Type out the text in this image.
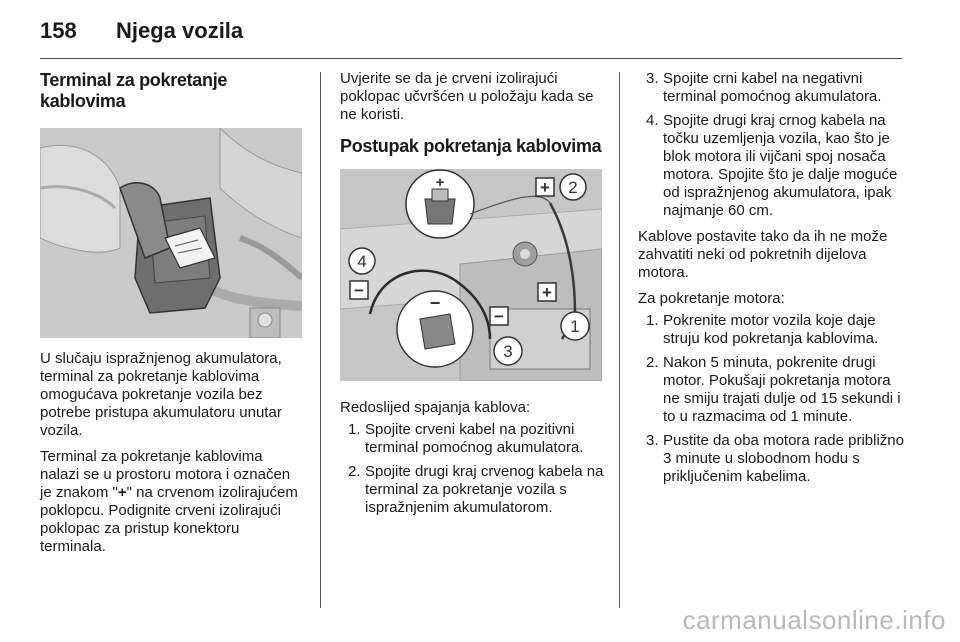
158	Njega vozila
Terminal za pokretanje kablovima

U slučaju ispražnjenog akumulatora, terminal za pokretanje kablovima omogućava pokretanje vozila bez potrebe pristupa akumulatoru unutar vozila.

Terminal za pokretanje kablovima nalazi se u prostoru motora i označen je znakom "+" na crvenom izolirajućem poklopcu. Podignite crveni izolirajući poklopac za pristup konektoru terminala.

Uvjerite se da je crveni izolirajući poklopac učvršćen u položaju kada se ne koristi.

Postupak pokretanja kablovima
−
4
+ 2
+
−
1
3
+
−

Redoslijed spajanja kablova:

1. Spojite crveni kabel na pozitivni terminal pomoćnog akumulatora.
2. Spojite drugi kraj crvenog kabela na terminal za pokretanje vozila s ispražnjenim akumulatorom.
3. Spojite crni kabel na negativni terminal pomoćnog akumulatora.
4. Spojite drugi kraj crnog kabela na točku uzemljenja vozila, kao što je blok motora ili vijčani spoj nosača motora. Spojite što je dalje moguće od ispražnjenog akumulatora, ipak najmanje 60 cm.

Kablove postavite tako da ih ne može zahvatiti neki od pokretnih dijelova motora.

Za pokretanje motora:

1. Pokrenite motor vozila koje daje struju kod pokretanja kablovima.
2. Nakon 5 minuta, pokrenite drugi motor. Pokušaji pokretanja motora ne smiju trajati dulje od 15 sekundi i to u razmacima od 1 minute.
3. Pustite da oba motora rade približno 3 minute u slobodnom hodu s priključenim kabelima.
carmanualsonline.info
